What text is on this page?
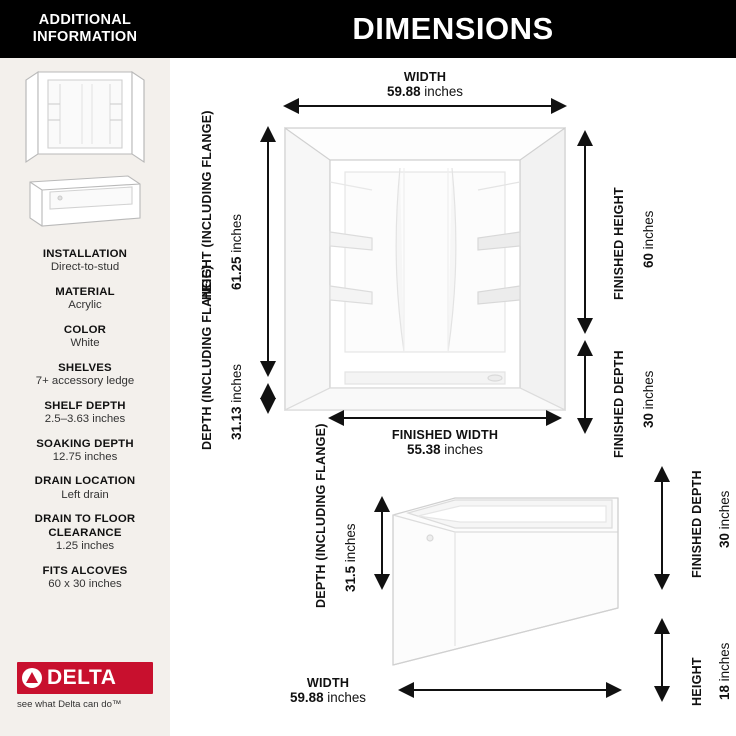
ADDITIONAL
INFORMATION
INSTALLATION
Direct-to-stud
MATERIAL
Acrylic
COLOR
White
SHELVES
7+ accessory ledge
SHELF DEPTH
2.5–3.63 inches
SOAKING DEPTH
12.75 inches
DRAIN LOCATION
Left drain
DRAIN TO FLOOR CLEARANCE
1.25 inches
FITS ALCOVES
60 x 30 inches
DELTA
see what Delta can do™
DIMENSIONS
WIDTH
59.88 inches
HEIGHT (INCLUDING FLANGE) 61.25 inches
DEPTH (INCLUDING FLANGE) 31.13 inches
FINISHED HEIGHT 60 inches
FINISHED DEPTH 30 inches
FINISHED WIDTH
55.38 inches
DEPTH (INCLUDING FLANGE) 31.5 inches
WIDTH
59.88 inches
FINISHED DEPTH 30 inches
HEIGHT 18 inches
